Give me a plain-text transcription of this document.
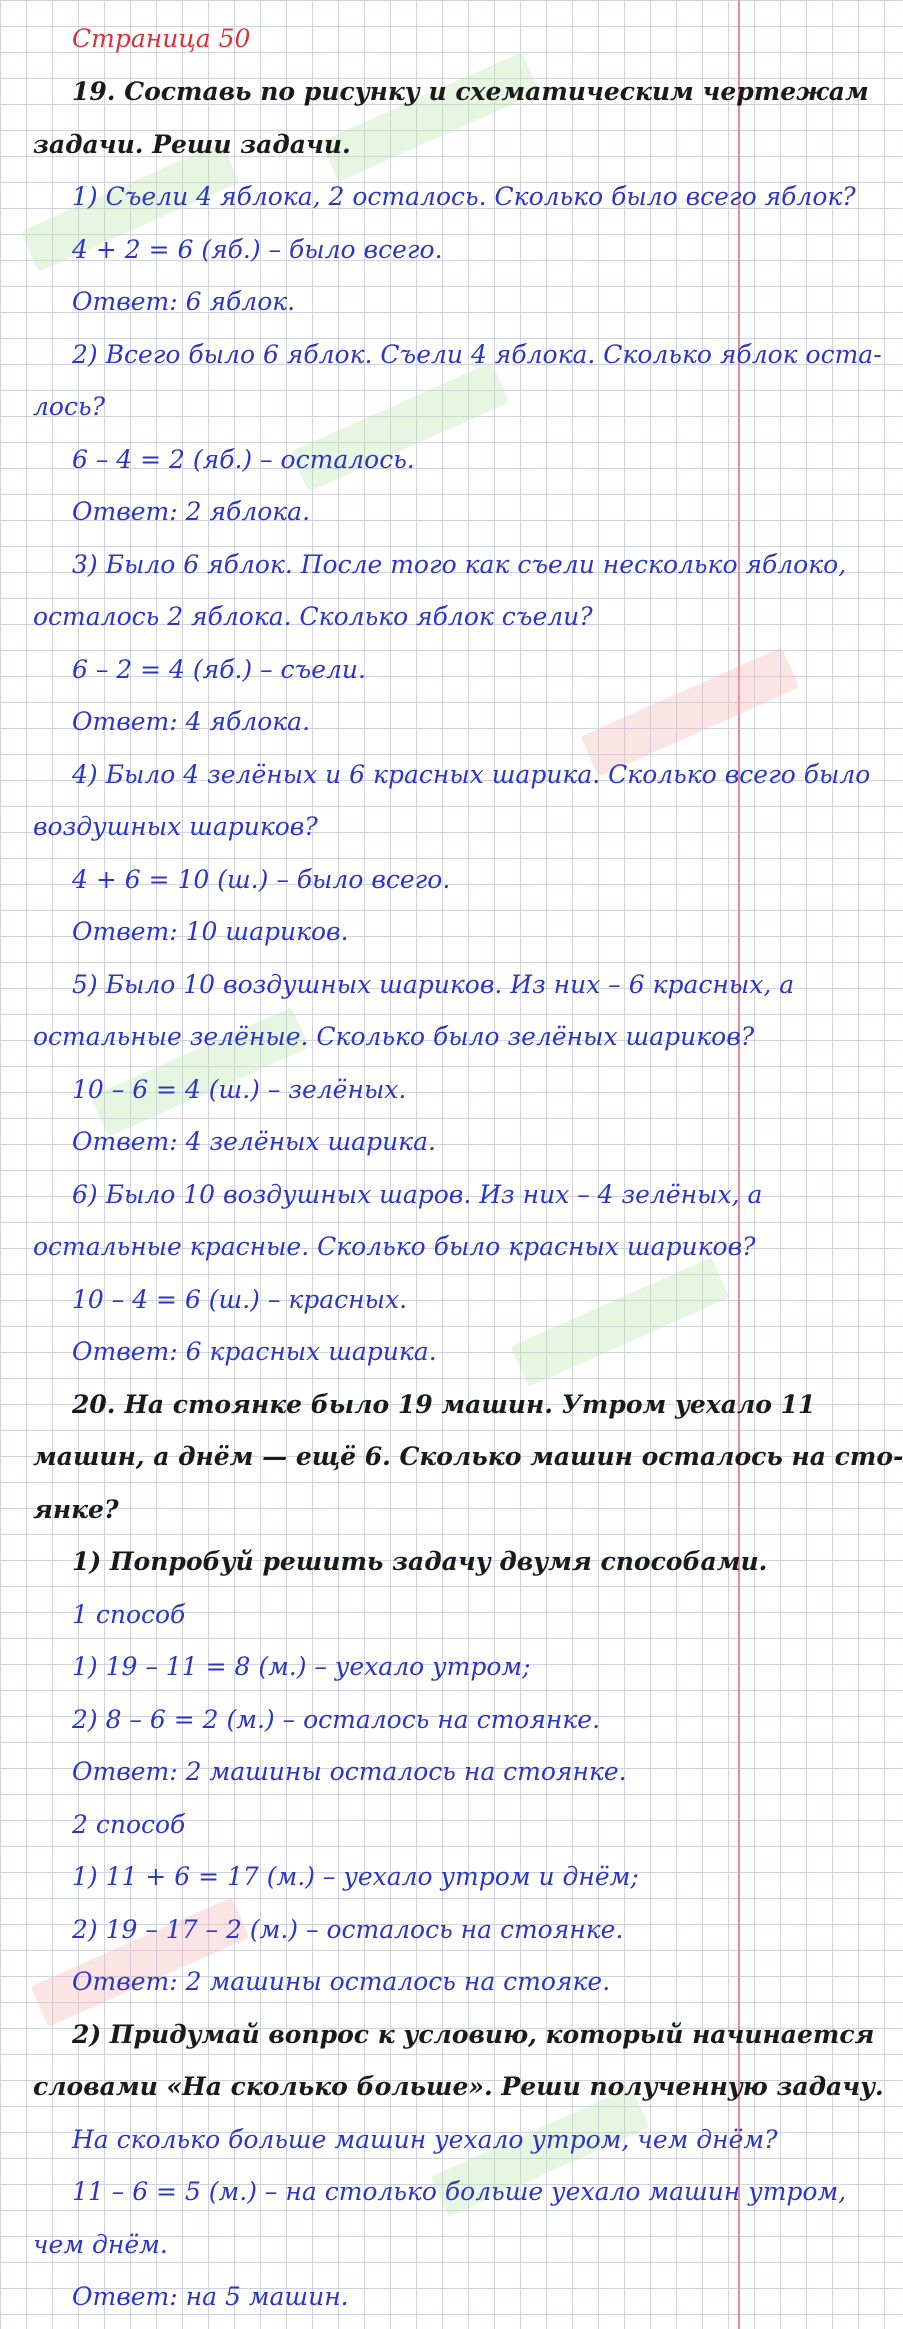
Страница 50
19. Составь по рисунку и схематическим чертежам
задачи. Реши задачи.
1) Съели 4 яблока, 2 осталось. Сколько было всего яблок?
4 + 2 = 6 (яб.) – было всего.
Ответ: 6 яблок.
2) Всего было 6 яблок. Съели 4 яблока. Сколько яблок оста-
лось?
6 – 4 = 2 (яб.) – осталось.
Ответ: 2 яблока.
3) Было 6 яблок. После того как съели несколько яблоко,
осталось 2 яблока. Сколько яблок съели?
6 – 2 = 4 (яб.) – съели.
Ответ: 4 яблока.
4) Было 4 зелёных и 6 красных шарика. Сколько всего было
воздушных шариков?
4 + 6 = 10 (ш.) – было всего.
Ответ: 10 шариков.
5) Было 10 воздушных шариков. Из них – 6 красных, а
остальные зелёные. Сколько было зелёных шариков?
10 – 6 = 4 (ш.) – зелёных.
Ответ: 4 зелёных шарика.
6) Было 10 воздушных шаров. Из них – 4 зелёных, а
остальные красные. Сколько было красных шариков?
10 – 4 = 6 (ш.) – красных.
Ответ: 6 красных шарика.
20. На стоянке было 19 машин. Утром уехало 11
машин, а днём — ещё 6. Сколько машин осталось на сто-
янке?
1) Попробуй решить задачу двумя способами.
1 способ
1) 19 – 11 = 8 (м.) – уехало утром;
2) 8 – 6 = 2 (м.) – осталось на стоянке.
Ответ: 2 машины осталось на стоянке.
2 способ
1) 11 + 6 = 17 (м.) – уехало утром и днём;
2) 19 – 17 – 2 (м.) – осталось на стоянке.
Ответ: 2 машины осталось на стояке.
2) Придумай вопрос к условию, который начинается
словами «На сколько больше». Реши полученную задачу.
На сколько больше машин уехало утром, чем днём?
11 – 6 = 5 (м.) – на столько больше уехало машин утром,
чем днём.
Ответ: на 5 машин.
